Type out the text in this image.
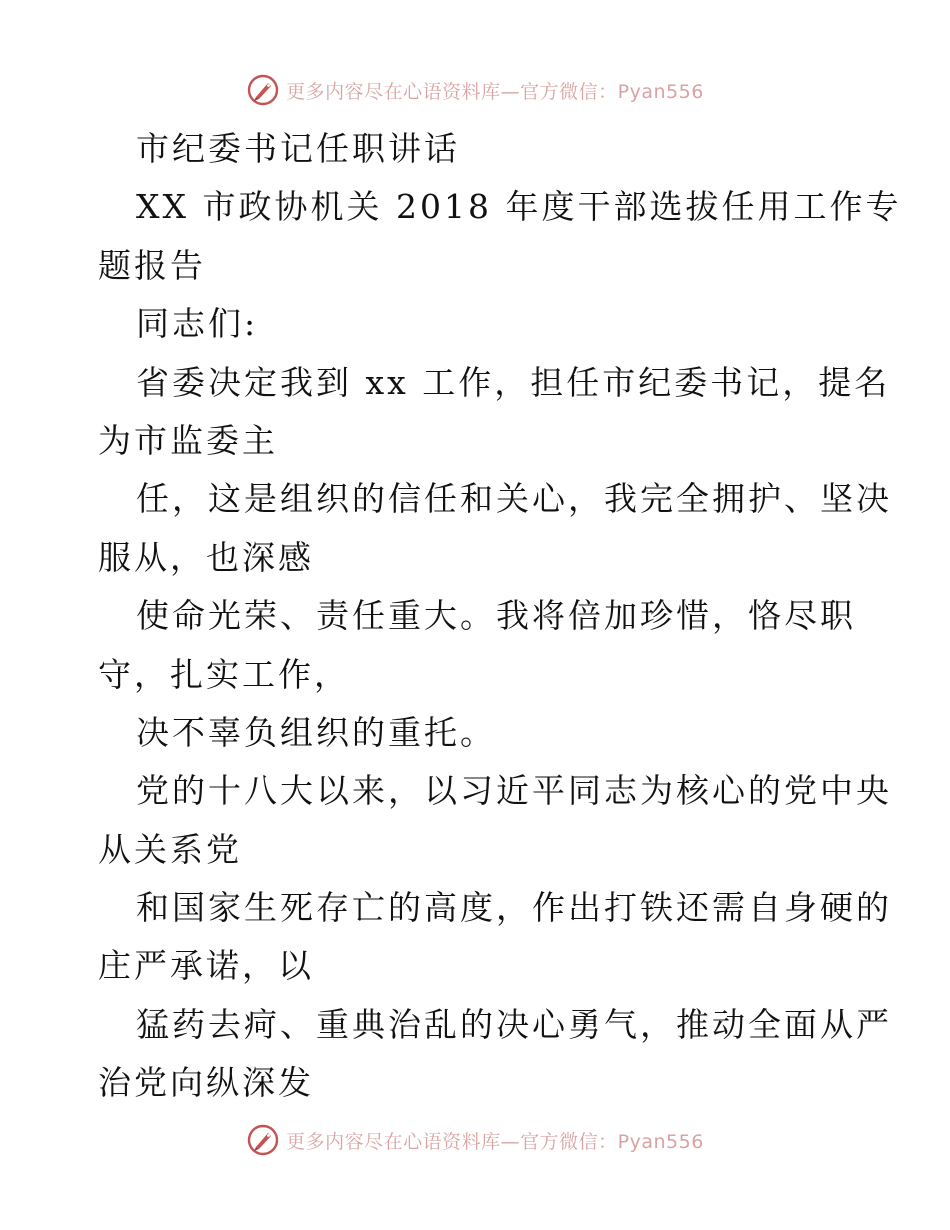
更多内容尽在心语资料库—官方微信：Pyan556
市纪委书记任职讲话
XX 市政协机关 2018 年度干部选拔任用工作专
题报告
同志们:
省委决定我到 xx 工作，担任市纪委书记，提名
为市监委主
任，这是组织的信任和关心，我完全拥护、坚决
服从，也深感
使命光荣、责任重大。我将倍加珍惜，恪尽职
守，扎实工作，
决不辜负组织的重托。
党的十八大以来，以习近平同志为核心的党中央
从关系党
和国家生死存亡的高度，作出打铁还需自身硬的
庄严承诺，以
猛药去疴、重典治乱的决心勇气，推动全面从严
治党向纵深发
更多内容尽在心语资料库—官方微信：Pyan556
